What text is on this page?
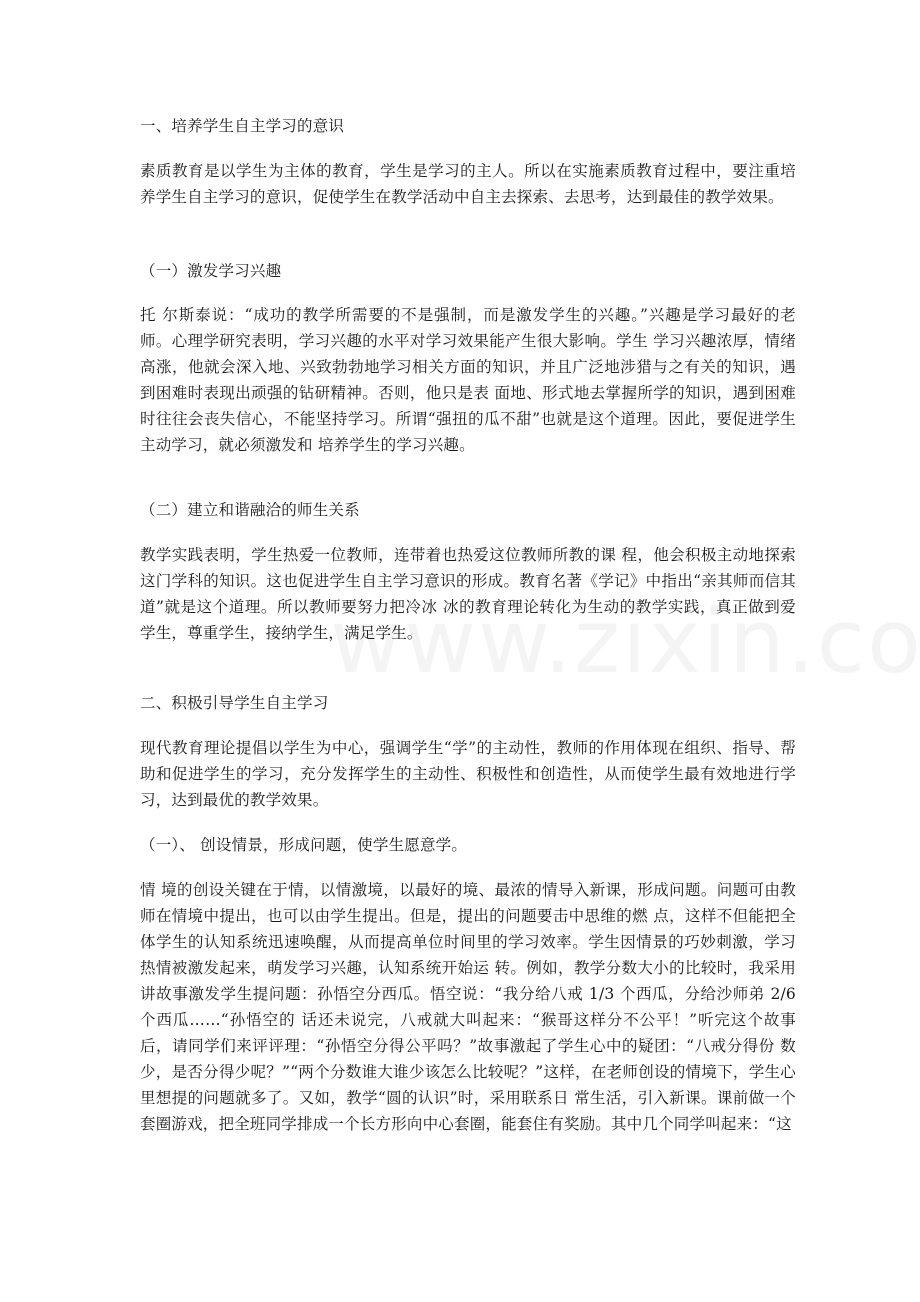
一、培养学生自主学习的意识

素质教育是以学生为主体的教育，学生是学习的主人。所以在实施素质教育过程中，要注重培养学生自主学习的意识，促使学生在教学活动中自主去探索、去思考，达到最佳的教学效果。

（一）激发学习兴趣

托 尔斯泰说：“成功的教学所需要的不是强制，而是激发学生的兴趣。”兴趣是学习最好的老师。心理学研究表明，学习兴趣的水平对学习效果能产生很大影响。学生 学习兴趣浓厚，情绪高涨，他就会深入地、兴致勃勃地学习相关方面的知识，并且广泛地涉猎与之有关的知识，遇到困难时表现出顽强的钻研精神。否则，他只是表 面地、形式地去掌握所学的知识，遇到困难时往往会丧失信心，不能坚持学习。所谓“强扭的瓜不甜”也就是这个道理。因此，要促进学生主动学习，就必须激发和 培养学生的学习兴趣。

（二）建立和谐融洽的师生关系

教学实践表明，学生热爱一位教师，连带着也热爱这位教师所教的课 程，他会积极主动地探索这门学科的知识。这也促进学生自主学习意识的形成。教育名著《学记》中指出“亲其师而信其道”就是这个道理。所以教师要努力把冷冰 冰的教育理论转化为生动的教学实践，真正做到爱学生，尊重学生，接纳学生，满足学生。

二、积极引导学生自主学习

现代教育理论提倡以学生为中心，强调学生“学”的主动性，教师的作用体现在组织、指导、帮助和促进学生的学习，充分发挥学生的主动性、积极性和创造性，从而使学生最有效地进行学习，达到最优的教学效果。

（一）、 创设情景，形成问题，使学生愿意学。

情 境的创设关键在于情，以情激境，以最好的境、最浓的情导入新课，形成问题。问题可由教师在情境中提出，也可以由学生提出。但是，提出的问题要击中思维的燃 点，这样不但能把全体学生的认知系统迅速唤醒，从而提高单位时间里的学习效率。学生因情景的巧妙刺激，学习热情被激发起来，萌发学习兴趣，认知系统开始运 转。例如，教学分数大小的比较时，我采用讲故事激发学生提问题：孙悟空分西瓜。悟空说：“我分给八戒 1/3 个西瓜，分给沙师弟 2/6 个西瓜……“孙悟空的 话还未说完，八戒就大叫起来：“猴哥这样分不公平！”听完这个故事后，请同学们来评评理：“孙悟空分得公平吗？”故事激起了学生心中的疑团：“八戒分得份 数少，是否分得少呢？”“两个分数谁大谁少该怎么比较呢？”这样，在老师创设的情境下，学生心里想提的问题就多了。又如，教学“圆的认识”时，采用联系日 常生活，引入新课。课前做一个套圈游戏，把全班同学排成一个长方形向中心套圈，能套住有奖励。其中几个同学叫起来：“这
